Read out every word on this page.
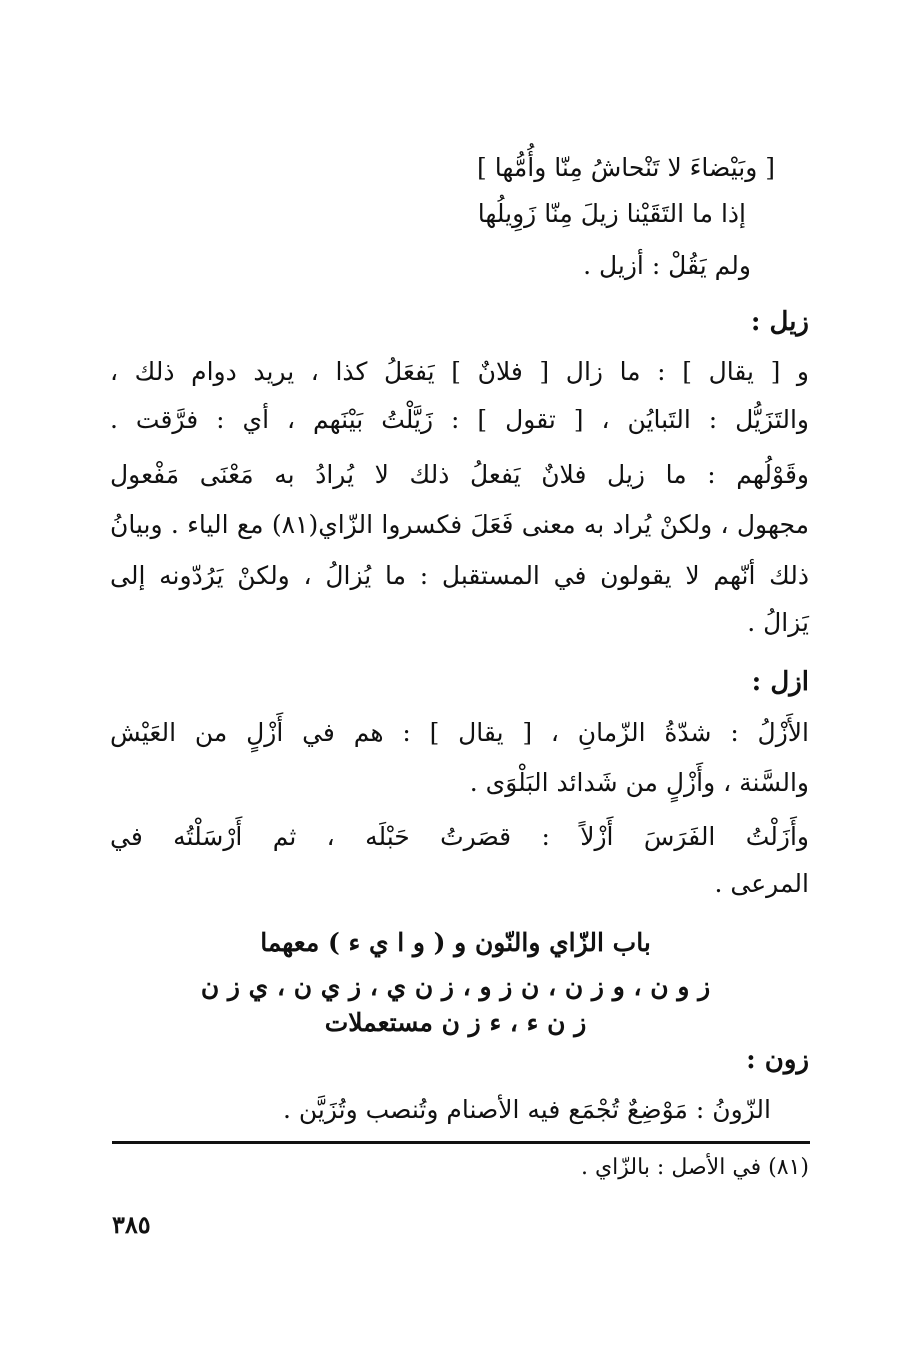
[ وبَيْضاءَ لا تَنْحاشُ مِنّا وأُمُّها ]
إذا ما التَقَيْنا زيلَ مِنّا زَوِيلُها
ولم يَقُلْ : أزيل .
زيل :
و [ يقال ] : ما زال [ فلانٌ ] يَفعَلُ كذا ، يريد دوام ذلك ،
والتَزَيُّل : التَبايُن ، [ تقول ] : زَيَّلْتُ بَيْنَهم ، أي : فرَّقت .
وقَوْلُهم : ما زيل فلانٌ يَفعلُ ذلك لا يُرادُ به مَعْنَى مَفْعول
مجهول ، ولكنْ يُراد به معنى فَعَلَ فكسروا الزّاي(٨١) مع الياء . وبيانُ
ذلك أنّهم لا يقولون في المستقبل : ما يُزالُ ، ولكنْ يَرُدّونه إلى
يَزالُ .
ازل :
الأَزْلُ : شدّةُ الزّمانِ ، [ يقال ] : هم في أَزْلٍ من العَيْش
والسَّنة ، وأَزْلٍ من شَدائد البَلْوَى .
وأَزَلْتُ الفَرَسَ أَزْلاً : قصَرتُ حَبْلَه ، ثم أَرْسَلْتُه في
المرعى .
باب الزّاي والنّون و ( و ا ي ء ) معهما
ز و ن ، و ز ن ، ن ز و ، ز ن ي ، ز ي ن ، ي ز ن
ز ن ء ، ء ز ن مستعملات
زون :
الزّونُ : مَوْضِعٌ تُجْمَع فيه الأصنام وتُنصب وتُزَيَّن .
(٨١) في الأصل : بالزّاي .
٣٨٥
